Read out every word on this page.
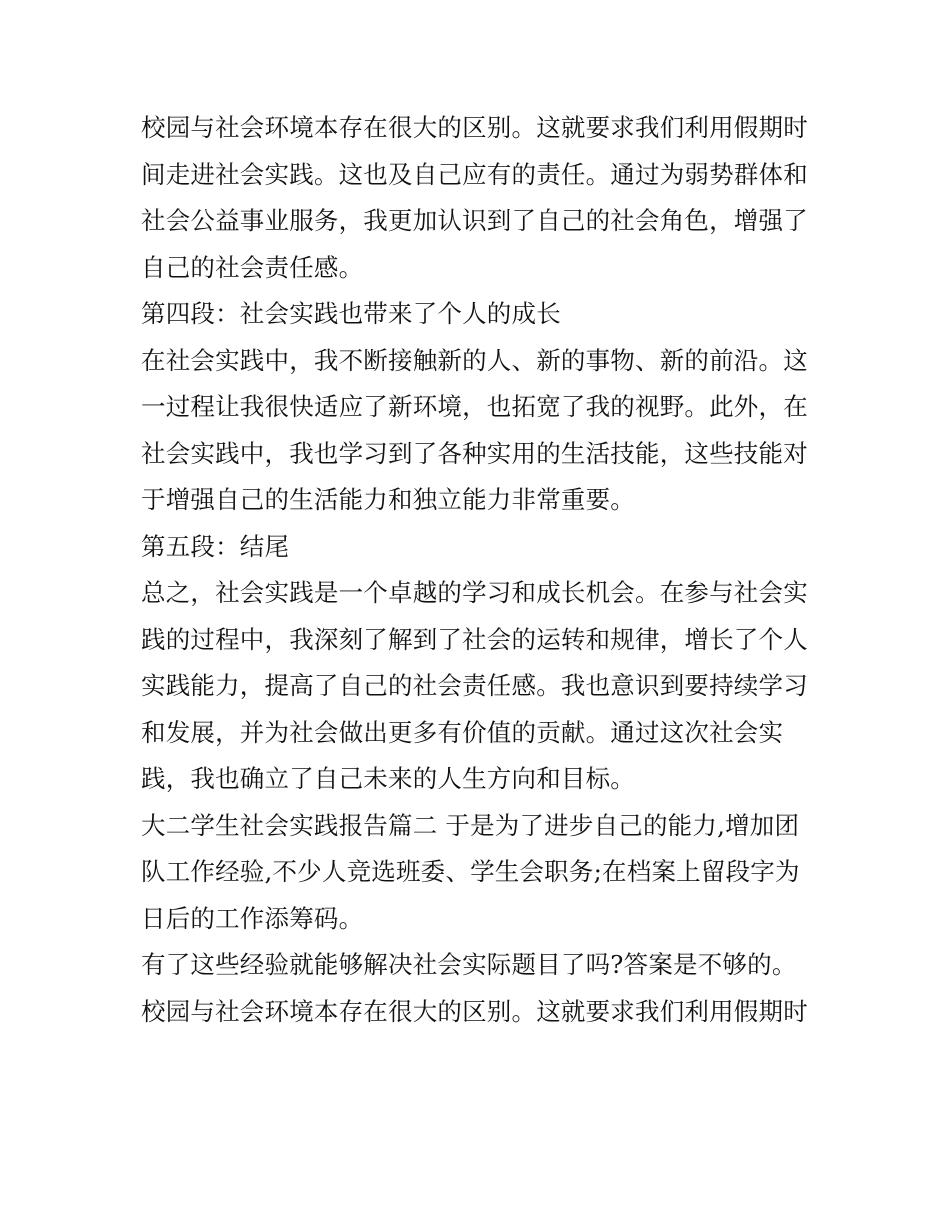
校园与社会环境本存在很大的区别。这就要求我们利用假期时
间走进社会实践。这也及自己应有的责任。通过为弱势群体和
社会公益事业服务，我更加认识到了自己的社会角色，增强了
自己的社会责任感。
第四段：社会实践也带来了个人的成长
在社会实践中，我不断接触新的人、新的事物、新的前沿。这
一过程让我很快适应了新环境，也拓宽了我的视野。此外，在
社会实践中，我也学习到了各种实用的生活技能，这些技能对
于增强自己的生活能力和独立能力非常重要。
第五段：结尾
总之，社会实践是一个卓越的学习和成长机会。在参与社会实
践的过程中，我深刻了解到了社会的运转和规律，增长了个人
实践能力，提高了自己的社会责任感。我也意识到要持续学习
和发展，并为社会做出更多有价值的贡献。通过这次社会实
践，我也确立了自己未来的人生方向和目标。
大二学生社会实践报告篇二 于是为了进步自己的能力,增加团
队工作经验,不少人竞选班委、学生会职务;在档案上留段字为
日后的工作添筹码。
有了这些经验就能够解决社会实际题目了吗?答案是不够的。
校园与社会环境本存在很大的区别。这就要求我们利用假期时
